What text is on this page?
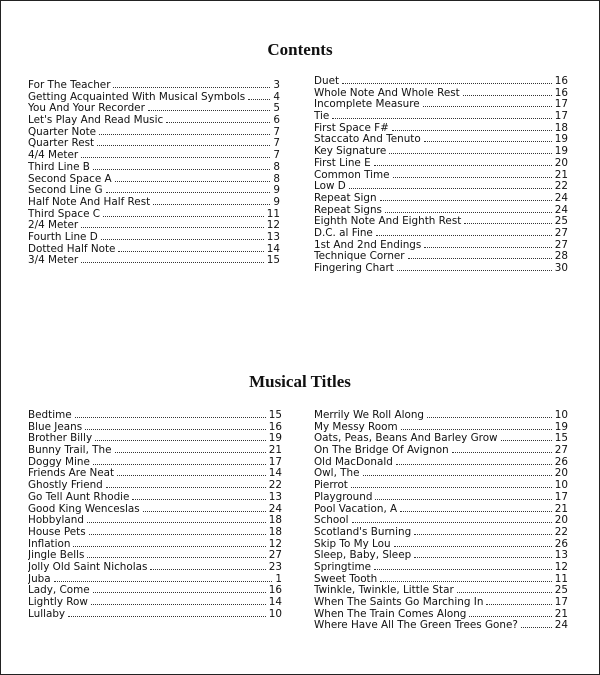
Contents
For The Teacher	3
Getting Acquainted With Musical Symbols	4
You And Your Recorder	5
Let's Play And Read Music	6
Quarter Note	7
Quarter Rest	7
4/4 Meter	7
Third Line B	8
Second Space A	8
Second Line G	9
Half Note And Half Rest	9
Third Space C	11
2/4 Meter	12
Fourth Line D	13
Dotted Half Note	14
3/4 Meter	15
Duet	16
Whole Note And Whole Rest	16
Incomplete Measure	17
Tie	17
First Space F#	18
Staccato And Tenuto	19
Key Signature	19
First Line E	20
Common Time	21
Low D	22
Repeat Sign	24
Repeat Signs	24
Eighth Note And Eighth Rest	25
D.C. al Fine	27
1st And 2nd Endings	27
Technique Corner	28
Fingering Chart	30
Musical Titles
Bedtime	15
Blue Jeans	16
Brother Billy	19
Bunny Trail, The	21
Doggy Mine	17
Friends Are Neat	14
Ghostly Friend	22
Go Tell Aunt Rhodie	13
Good King Wenceslas	24
Hobbyland	18
House Pets	18
Inflation	12
Jingle Bells	27
Jolly Old Saint Nicholas	23
Juba	1
Lady, Come	16
Lightly Row	14
Lullaby	10
Merrily We Roll Along	10
My Messy Room	19
Oats, Peas, Beans And Barley Grow	15
On The Bridge Of Avignon	27
Old MacDonald	26
Owl, The	20
Pierrot	10
Playground	17
Pool Vacation, A	21
School	20
Scotland's Burning	22
Skip To My Lou	26
Sleep, Baby, Sleep	13
Springtime	12
Sweet Tooth	11
Twinkle, Twinkle, Little Star	25
When The Saints Go Marching In	17
When The Train Comes Along	21
Where Have All The Green Trees Gone?	24
